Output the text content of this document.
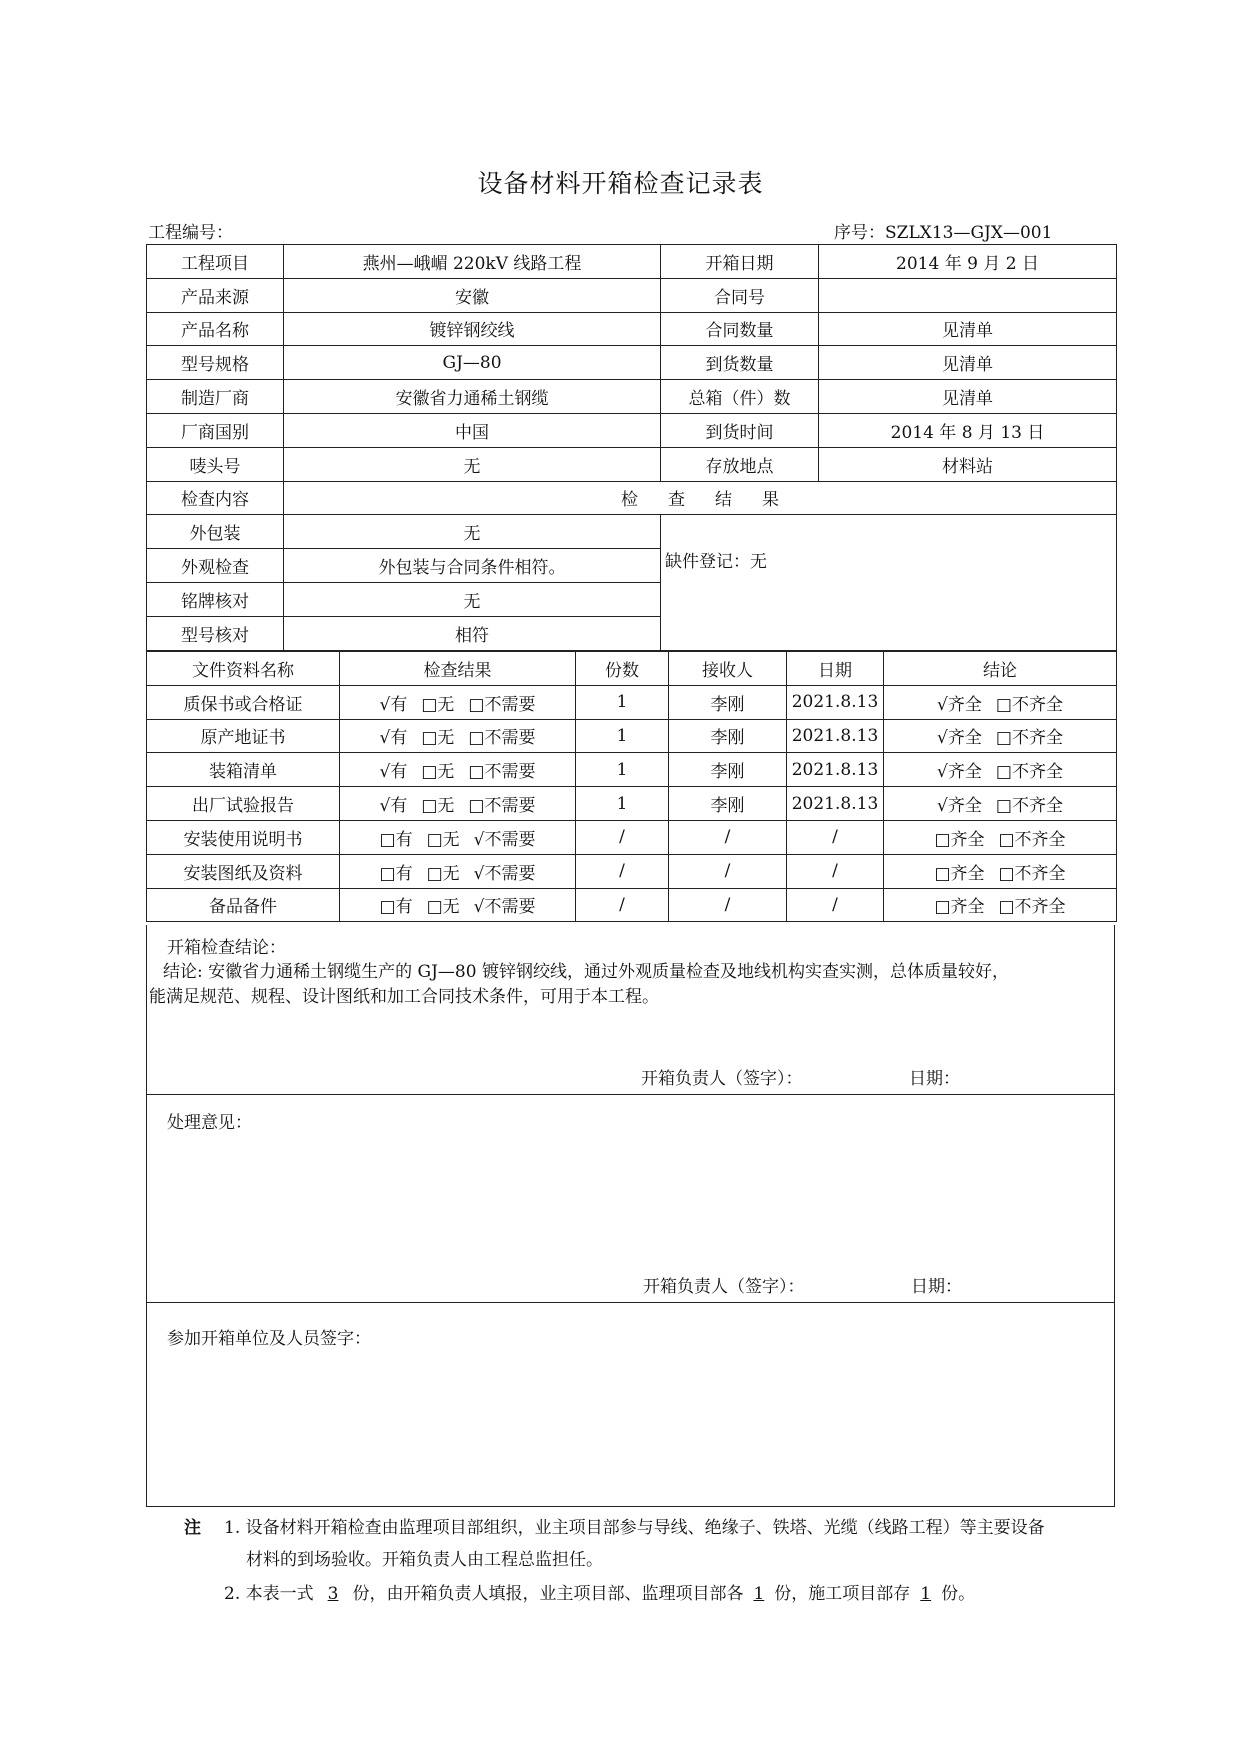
设备材料开箱检查记录表
工程编号：	序号：SZLX13—GJX—001
工程项目	燕州—峨嵋 220kV 线路工程	开箱日期	2014 年 9 月 2 日
产品来源	安徽	合同号	
产品名称	镀锌钢绞线	合同数量	见清单
型号规格	GJ—80	到货数量	见清单
制造厂商	安徽省力通稀土钢缆	总箱（件）数	见清单
厂商国别	中国	到货时间	2014 年 8 月 13 日
唛头号	无	存放地点	材料站
检查内容	检 查 结 果		
外包装	无	缺件登记：无	

外观检查	外包装与合同条件相符。		
铭牌核对	无		
型号核对	相符		
文件资料名称	检查结果	份数	接收人	日期	结论
质保书或合格证	√有 □无 □不需要	1	李刚	2021.8.13	√齐全 □不齐全
原产地证书	√有 □无 □不需要	1	李刚	2021.8.13	√齐全 □不齐全
装箱清单	√有 □无 □不需要	1	李刚	2021.8.13	√齐全 □不齐全
出厂试验报告	√有 □无 □不需要	1	李刚	2021.8.13	√齐全 □不齐全
安装使用说明书	□有 □无 √不需要	/	/	/	□齐全 □不齐全
安装图纸及资料	□有 □无 √不需要	/	/	/	□齐全 □不齐全
备品备件	□有 □无 √不需要	/	/	/	□齐全 □不齐全
开箱检查结论：
结论: 安徽省力通稀土钢缆生产的 GJ—80 镀锌钢绞线，通过外观质量检查及地线机构实查实测，总体质量较好，
能满足规范、规程、设计图纸和加工合同技术条件，可用于本工程。
开箱负责人（签字）：	日期：
处理意见：
开箱负责人（签字）：	日期：
参加开箱单位及人员签字：
注 1. 设备材料开箱检查由监理项目部组织，业主项目部参与导线、绝缘子、铁塔、光缆（线路工程）等主要设备
材料的到场验收。开箱负责人由工程总监担任。
2. 本表一式 3 份，由开箱负责人填报，业主项目部、监理项目部各 1 份，施工项目部存 1 份。
